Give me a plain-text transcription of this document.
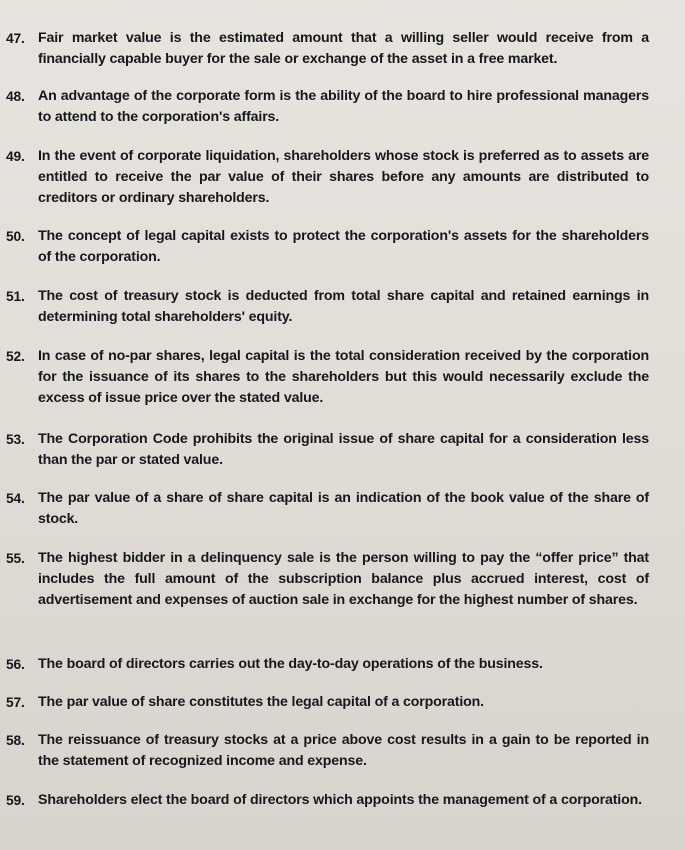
47. Fair market value is the estimated amount that a willing seller would receive from a financially capable buyer for the sale or exchange of the asset in a free market.
48. An advantage of the corporate form is the ability of the board to hire professional managers to attend to the corporation's affairs.
49. In the event of corporate liquidation, shareholders whose stock is preferred as to assets are entitled to receive the par value of their shares before any amounts are distributed to creditors or ordinary shareholders.
50. The concept of legal capital exists to protect the corporation's assets for the shareholders of the corporation.
51. The cost of treasury stock is deducted from total share capital and retained earnings in determining total shareholders' equity.
52. In case of no-par shares, legal capital is the total consideration received by the corporation for the issuance of its shares to the shareholders but this would necessarily exclude the excess of issue price over the stated value.
53. The Corporation Code prohibits the original issue of share capital for a consideration less than the par or stated value.
54. The par value of a share of share capital is an indication of the book value of the share of stock.
55. The highest bidder in a delinquency sale is the person willing to pay the “offer price” that includes the full amount of the subscription balance plus accrued interest, cost of advertisement and expenses of auction sale in exchange for the highest number of shares.
56. The board of directors carries out the day-to-day operations of the business.
57. The par value of share constitutes the legal capital of a corporation.
58. The reissuance of treasury stocks at a price above cost results in a gain to be reported in the statement of recognized income and expense.
59. Shareholders elect the board of directors which appoints the management of a corporation.
